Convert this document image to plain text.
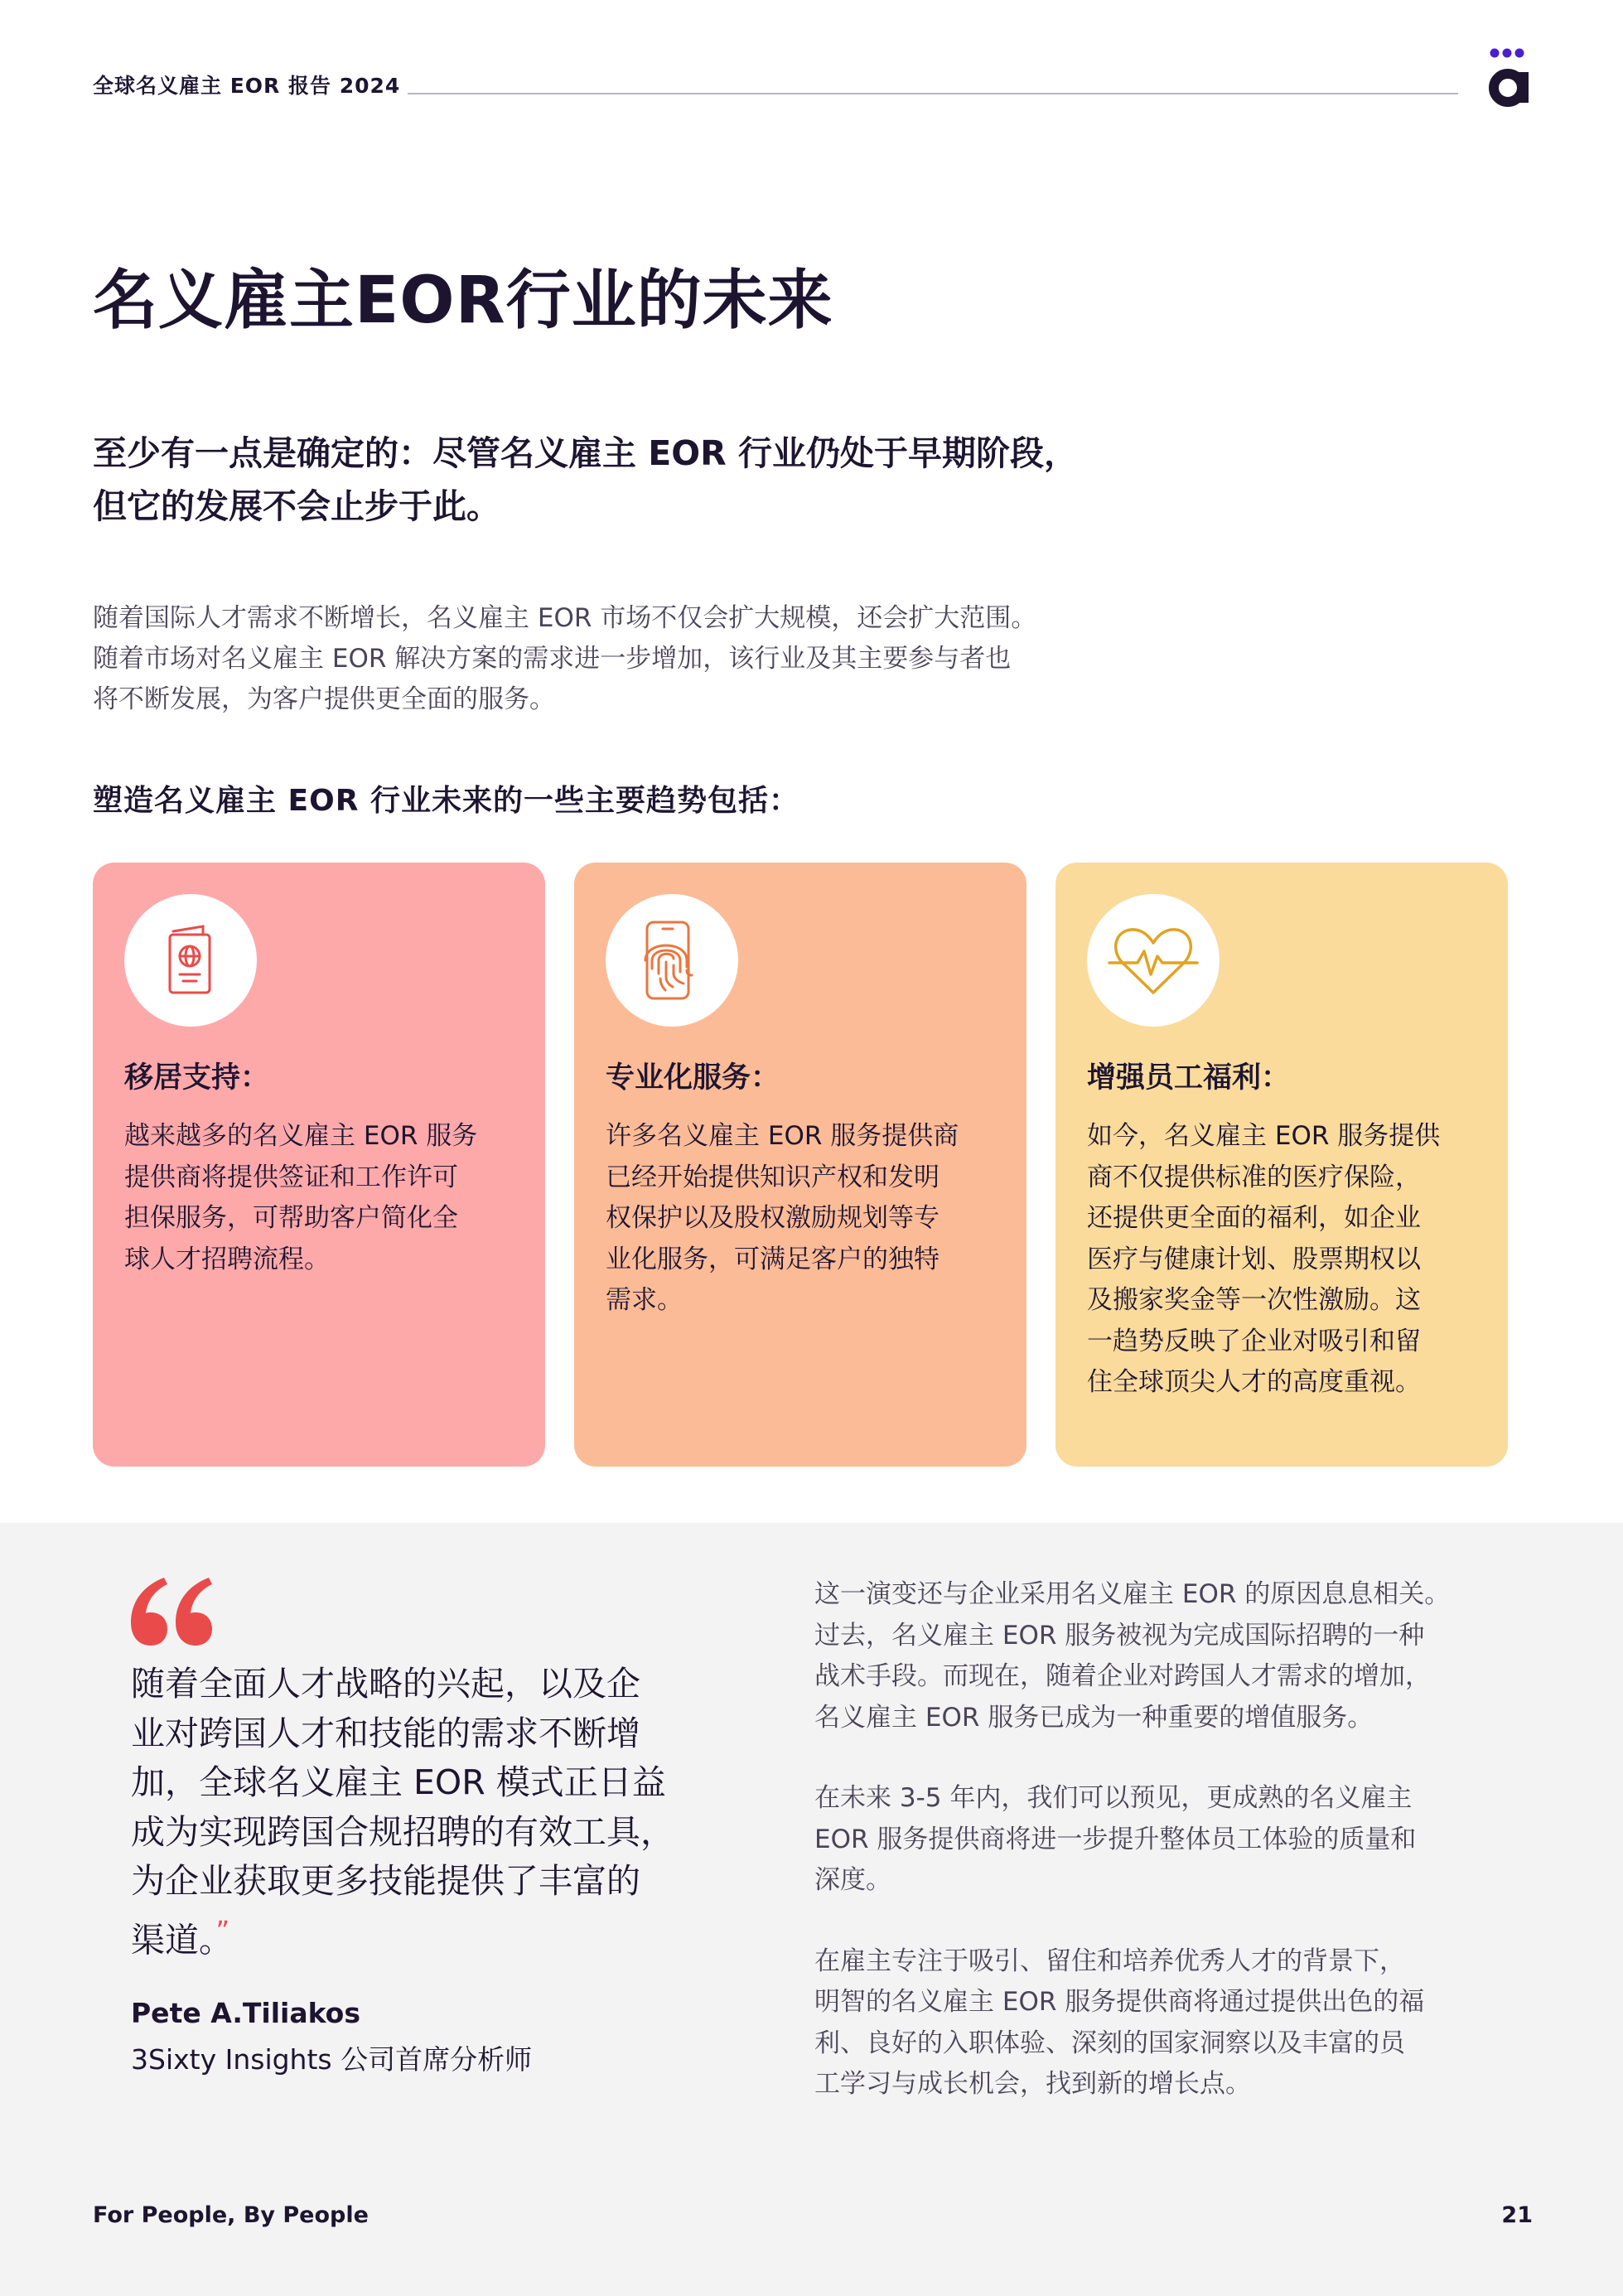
全球名义雇主 EOR 报告 2024
名义雇主EOR行业的未来

至少有一点是确定的：尽管名义雇主 EOR 行业仍处于早期阶段，
但它的发展不会止步于此。

随着国际人才需求不断增长，名义雇主 EOR 市场不仅会扩大规模，还会扩大范围。
随着市场对名义雇主 EOR 解决方案的需求进一步增加，该行业及其主要参与者也
将不断发展，为客户提供更全面的服务。

塑造名义雇主 EOR 行业未来的一些主要趋势包括：
移居支持：

越来越多的名义雇主 EOR 服务
提供商将提供签证和工作许可
担保服务，可帮助客户简化全
球人才招聘流程。

专业化服务：

许多名义雇主 EOR 服务提供商
已经开始提供知识产权和发明
权保护以及股权激励规划等专
业化服务，可满足客户的独特
需求。

增强员工福利：

如今，名义雇主 EOR 服务提供
商不仅提供标准的医疗保险，
还提供更全面的福利，如企业
医疗与健康计划、股票期权以
及搬家奖金等一次性激励。这
一趋势反映了企业对吸引和留
住全球顶尖人才的高度重视。

随着全面人才战略的兴起，以及企
业对跨国人才和技能的需求不断增
加，全球名义雇主 EOR 模式正日益
成为实现跨国合规招聘的有效工具，
为企业获取更多技能提供了丰富的
渠道。”

Pete A.Tiliakos

3Sixty Insights 公司首席分析师

这一演变还与企业采用名义雇主 EOR 的原因息息相关。
过去，名义雇主 EOR 服务被视为完成国际招聘的一种
战术手段。而现在，随着企业对跨国人才需求的增加，
名义雇主 EOR 服务已成为一种重要的增值服务。

在未来 3-5 年内，我们可以预见，更成熟的名义雇主
EOR 服务提供商将进一步提升整体员工体验的质量和
深度。

在雇主专注于吸引、留住和培养优秀人才的背景下，
明智的名义雇主 EOR 服务提供商将通过提供出色的福
利、良好的入职体验、深刻的国家洞察以及丰富的员
工学习与成长机会，找到新的增长点。

For People, By People	21
